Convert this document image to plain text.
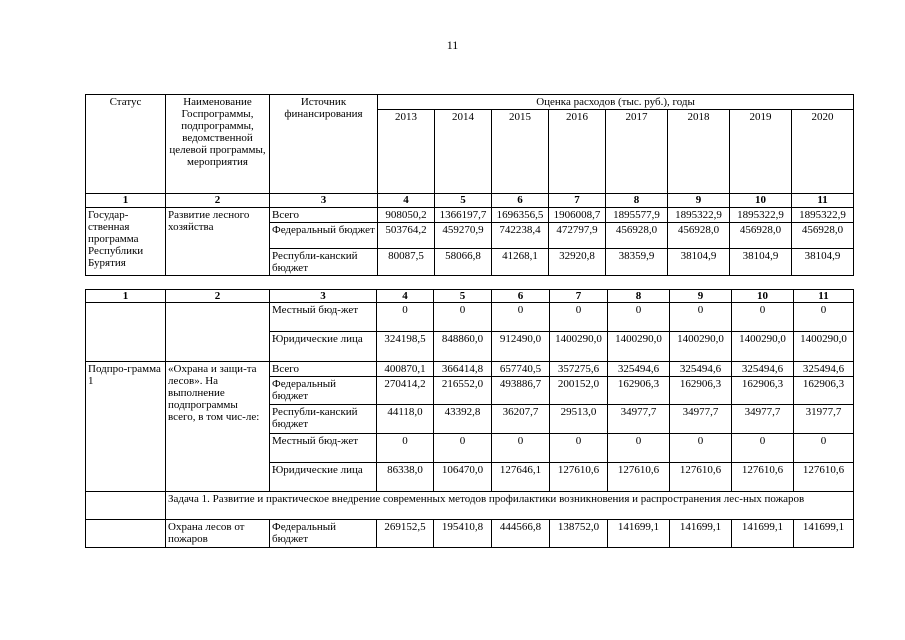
11
Статус	Наименование Госпрограммы, подпрограммы, ведомственной целевой программы, мероприятия	Источник финансирования	Оценка расходов (тыс. руб.), годы							
			2013	2014	2015	2016	2017	2018	2019	2020
1	2	3	4	5	6	7	8	9	10	11
Государ-ственная программа Республики Бурятия	Развитие лесного хозяйства	Всего	908050,2	1366197,7	1696356,5	1906008,7	1895577,9	1895322,9	1895322,9	1895322,9
		Федеральный бюджет	503764,2	459270,9	742238,4	472797,9	456928,0	456928,0	456928,0	456928,0
		Республи-канский бюджет	80087,5	58066,8	41268,1	32920,8	38359,9	38104,9	38104,9	38104,9
1	2	3	4	5	6	7	8	9	10	11
		Местный бюд-жет	0	0	0	0	0	0	0	0
		Юридические лица	324198,5	848860,0	912490,0	1400290,0	1400290,0	1400290,0	1400290,0	1400290,0
Подпро-грамма 1	«Охрана и защи-та лесов». На выполнение подпрограммы всего, в том чис-ле:	Всего	400870,1	366414,8	657740,5	357275,6	325494,6	325494,6	325494,6	325494,6
		Федеральный бюджет	270414,2	216552,0	493886,7	200152,0	162906,3	162906,3	162906,3	162906,3
		Республи-канский бюджет	44118,0	43392,8	36207,7	29513,0	34977,7	34977,7	34977,7	31977,7
		Местный бюд-жет	0	0	0	0	0	0	0	0
		Юридические лица	86338,0	106470,0	127646,1	127610,6	127610,6	127610,6	127610,6	127610,6
	Задача 1. Развитие и практическое внедрение современных методов профилактики возникновения и распространения лес-ных пожаров									
	Охрана лесов от пожаров	Федеральный бюджет	269152,5	195410,8	444566,8	138752,0	141699,1	141699,1	141699,1	141699,1
